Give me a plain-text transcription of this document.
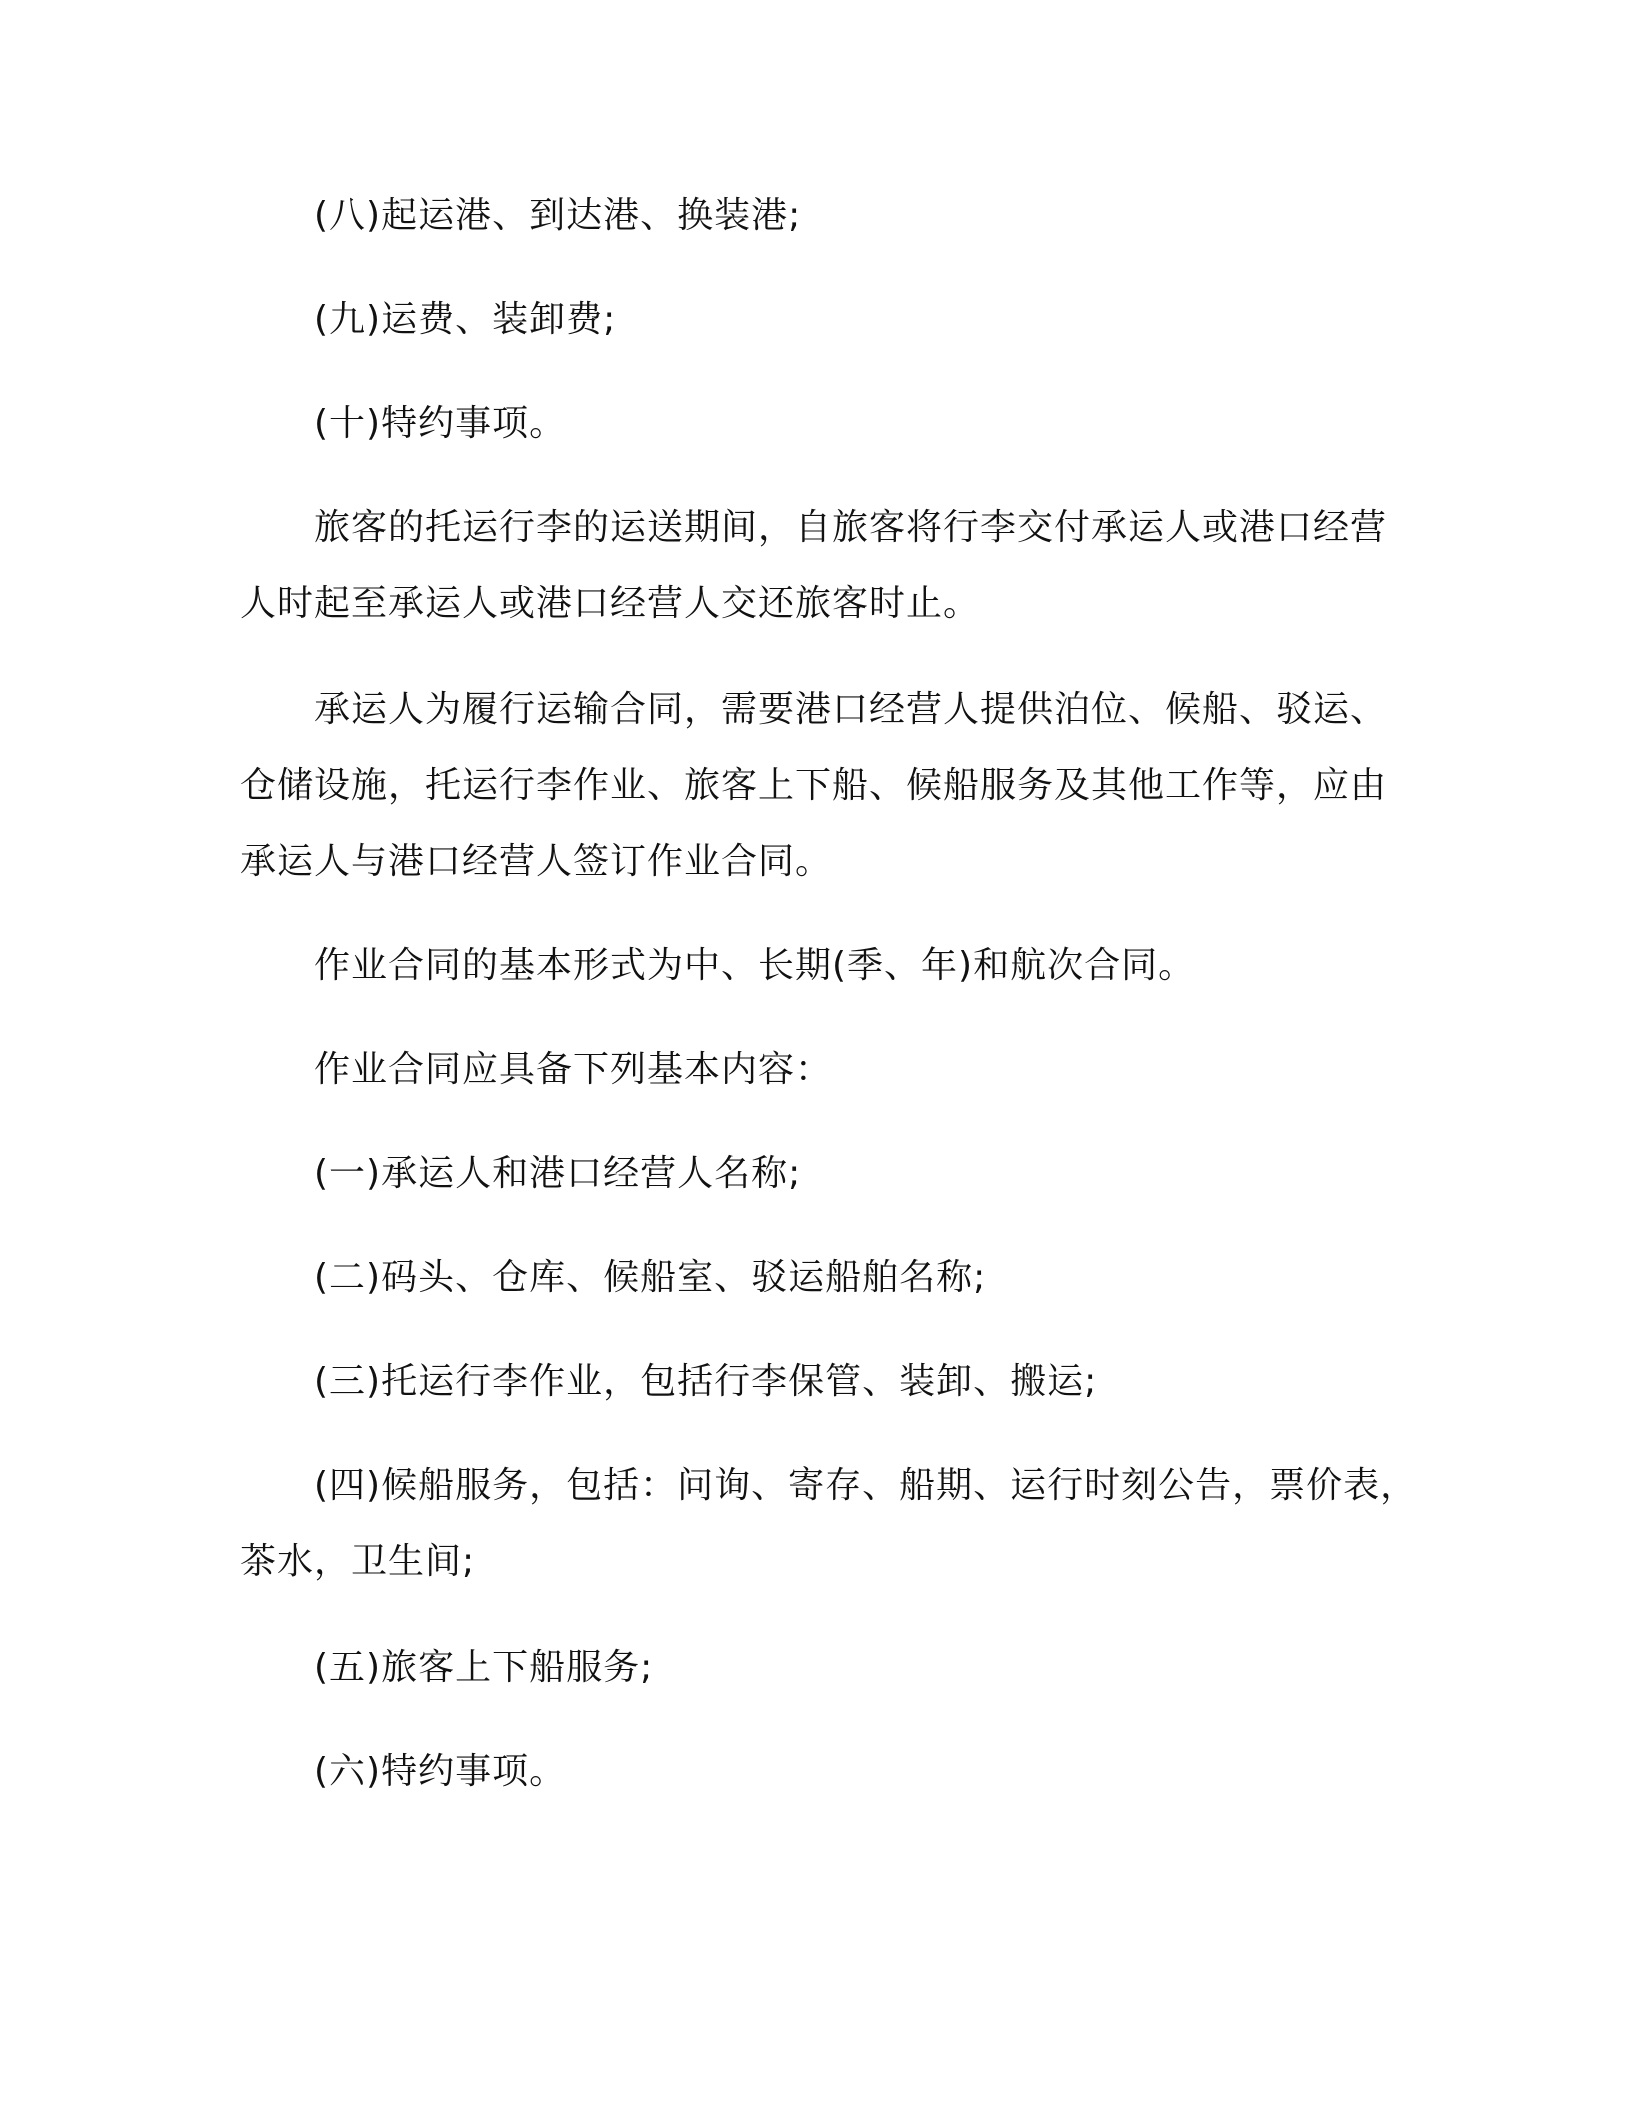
(八)起运港、到达港、换装港;

(九)运费、装卸费;

(十)特约事项。

旅客的托运行李的运送期间，自旅客将行李交付承运人或港口经营人时起至承运人或港口经营人交还旅客时止。

承运人为履行运输合同，需要港口经营人提供泊位、候船、驳运、仓储设施，托运行李作业、旅客上下船、候船服务及其他工作等，应由承运人与港口经营人签订作业合同。

作业合同的基本形式为中、长期(季、年)和航次合同。

作业合同应具备下列基本内容：

(一)承运人和港口经营人名称;

(二)码头、仓库、候船室、驳运船舶名称;

(三)托运行李作业，包括行李保管、装卸、搬运;

(四)候船服务，包括：问询、寄存、船期、运行时刻公告，票价表，茶水，卫生间;

(五)旅客上下船服务;

(六)特约事项。
